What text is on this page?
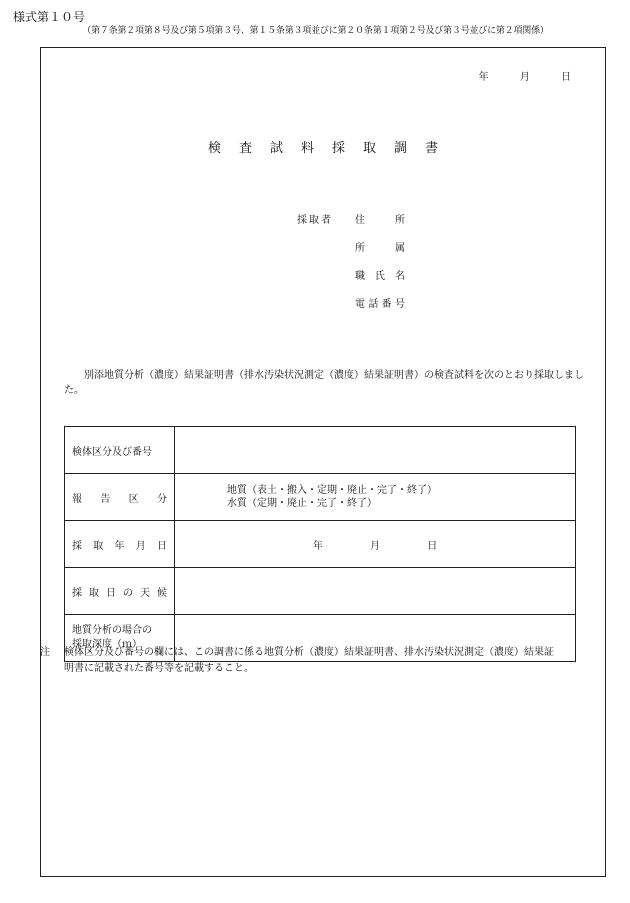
様式第１０号
（第７条第２項第８号及び第５項第３号、第１５条第３項並びに第２０条第１項第２号及び第３号並びに第２項関係）
年	月	日
検査試料採取調書
採取者	住所
所属
職氏名
電話番号
別添地質分析（濃度）結果証明書（排水汚染状況測定（濃度）結果証明書）の検査試料を次のとおり採取しました。
検体区分及び番号	
報告区分	地質（表土・搬入・定期・廃止・完了・終了）
水質（定期・廃止・完了・終了）

採取年月日	年 月 日
採取日の天候	

地質分析の場合の
採取深度（ｍ）	

注	検体区分及び番号の欄には、この調書に係る地質分析（濃度）結果証明書、排水汚染状況測定（濃度）結果証明書に記載された番号等を記載すること。
